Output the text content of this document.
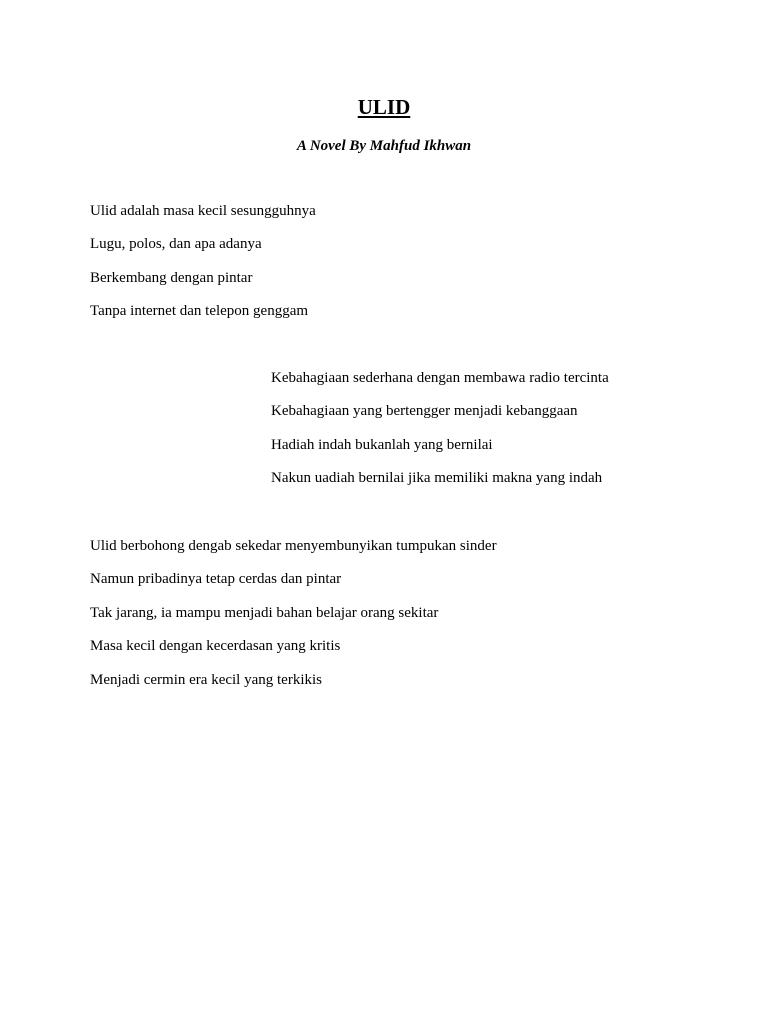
ULID

A Novel By Mahfud Ikhwan

Ulid adalah masa kecil sesungguhnya
Lugu, polos, dan apa adanya
Berkembang dengan pintar
Tanpa internet dan telepon genggam
Kebahagiaan sederhana dengan membawa radio tercinta
Kebahagiaan yang bertengger menjadi kebanggaan
Hadiah indah bukanlah yang bernilai
Nakun uadiah bernilai jika memiliki makna yang indah
Ulid berbohong dengab sekedar menyembunyikan tumpukan sinder
Namun pribadinya tetap cerdas dan pintar
Tak jarang, ia mampu menjadi bahan belajar orang sekitar
Masa kecil dengan kecerdasan yang kritis
Menjadi cermin era kecil yang terkikis
